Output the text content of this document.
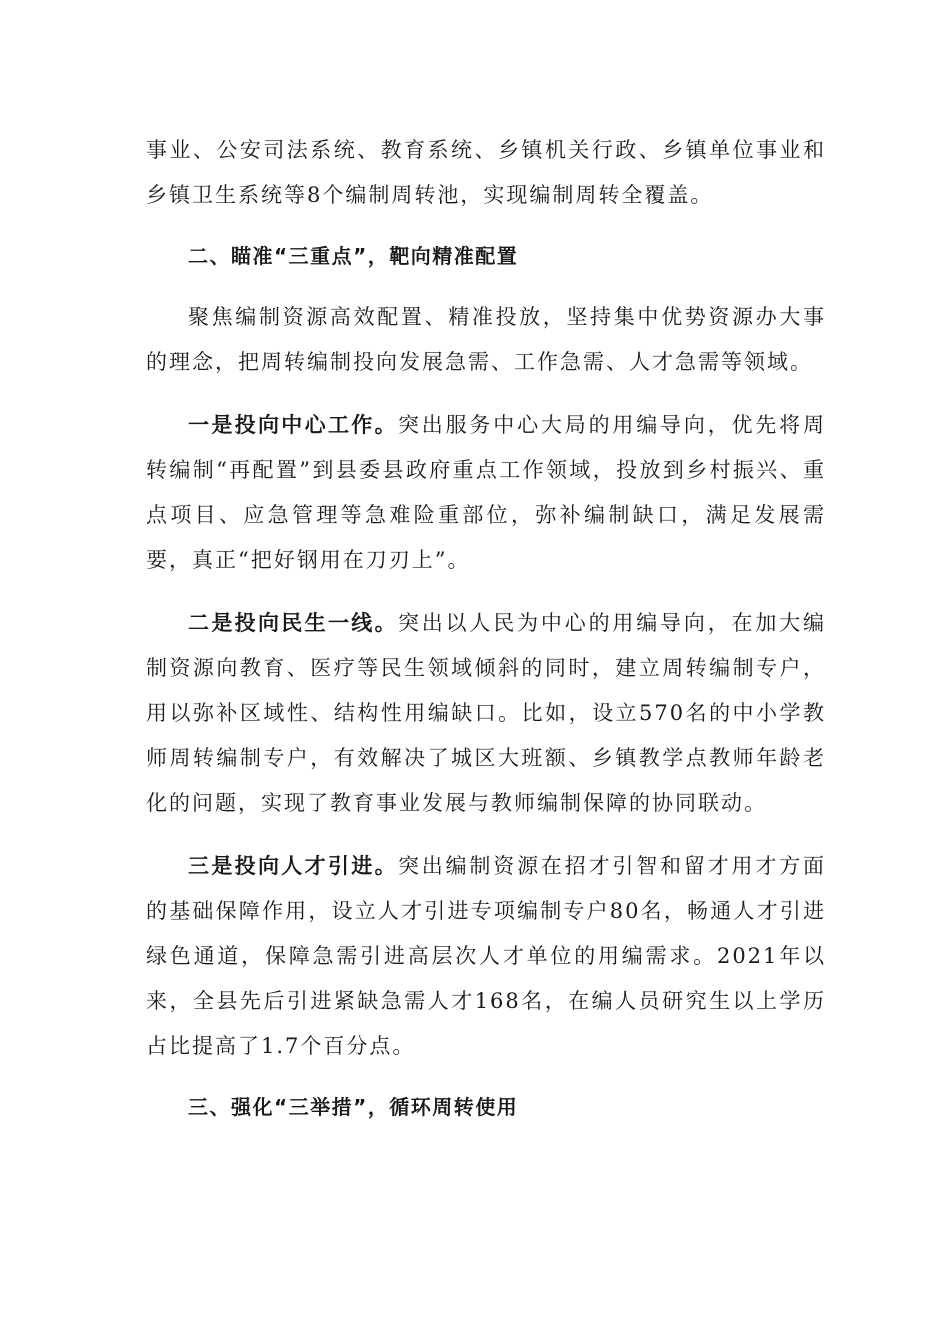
事业、公安司法系统、教育系统、乡镇机关行政、乡镇单位事业和乡镇卫生系统等8个编制周转池，实现编制周转全覆盖。

二、瞄准“三重点”，靶向精准配置

聚焦编制资源高效配置、精准投放，坚持集中优势资源办大事的理念，把周转编制投向发展急需、工作急需、人才急需等领域。

一是投向中心工作。突出服务中心大局的用编导向，优先将周转编制“再配置”到县委县政府重点工作领域，投放到乡村振兴、重点项目、应急管理等急难险重部位，弥补编制缺口，满足发展需要，真正“把好钢用在刀刃上”。

二是投向民生一线。突出以人民为中心的用编导向，在加大编制资源向教育、医疗等民生领域倾斜的同时，建立周转编制专户，用以弥补区域性、结构性用编缺口。比如，设立570名的中小学教师周转编制专户，有效解决了城区大班额、乡镇教学点教师年龄老化的问题，实现了教育事业发展与教师编制保障的协同联动。

三是投向人才引进。突出编制资源在招才引智和留才用才方面的基础保障作用，设立人才引进专项编制专户80名，畅通人才引进绿色通道，保障急需引进高层次人才单位的用编需求。2021年以来，全县先后引进紧缺急需人才168名，在编人员研究生以上学历占比提高了1.7个百分点。

三、强化“三举措”，循环周转使用
